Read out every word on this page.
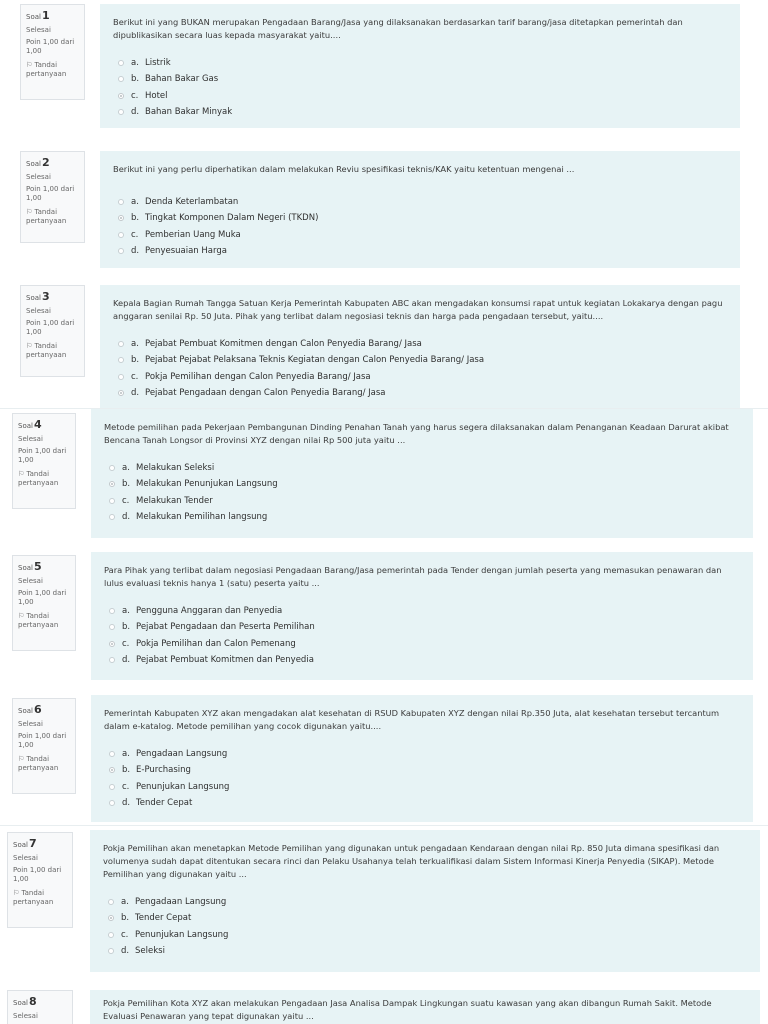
Soal1
Selesai
Poin 1,00 dari 1,00
⚐ Tandai pertanyaan

Berikut ini yang BUKAN merupakan Pengadaan Barang/Jasa yang dilaksanakan berdasarkan tarif barang/jasa ditetapkan pemerintah dan dipublikasikan secara luas kepada masyarakat yaitu....

a. Listrik
b. Bahan Bakar Gas
c. Hotel
d. Bahan Bakar Minyak
Soal2
Selesai
Poin 1,00 dari 1,00
⚐ Tandai pertanyaan

Berikut ini yang perlu diperhatikan dalam melakukan Reviu spesifikasi teknis/KAK yaitu ketentuan mengenai ...

a. Denda Keterlambatan
b. Tingkat Komponen Dalam Negeri (TKDN)
c. Pemberian Uang Muka
d. Penyesuaian Harga
Soal3
Selesai
Poin 1,00 dari 1,00
⚐ Tandai pertanyaan

Kepala Bagian Rumah Tangga Satuan Kerja Pemerintah Kabupaten ABC akan mengadakan konsumsi rapat untuk kegiatan Lokakarya dengan pagu anggaran senilai Rp. 50 Juta. Pihak yang terlibat dalam negosiasi teknis dan harga pada pengadaan tersebut, yaitu....

a. Pejabat Pembuat Komitmen dengan Calon Penyedia Barang/ Jasa
b. Pejabat Pejabat Pelaksana Teknis Kegiatan dengan Calon Penyedia Barang/ Jasa
c. Pokja Pemilihan dengan Calon Penyedia Barang/ Jasa
d. Pejabat Pengadaan dengan Calon Penyedia Barang/ Jasa
Soal4
Selesai
Poin 1,00 dari 1,00
⚐ Tandai pertanyaan

Metode pemilihan pada Pekerjaan Pembangunan Dinding Penahan Tanah yang harus segera dilaksanakan dalam Penanganan Keadaan Darurat akibat Bencana Tanah Longsor di Provinsi XYZ dengan nilai Rp 500 juta yaitu ...

a. Melakukan Seleksi
b. Melakukan Penunjukan Langsung
c. Melakukan Tender
d. Melakukan Pemilihan langsung
Soal5
Selesai
Poin 1,00 dari 1,00
⚐ Tandai pertanyaan

Para Pihak yang terlibat dalam negosiasi Pengadaan Barang/Jasa pemerintah pada Tender dengan jumlah peserta yang memasukan penawaran dan lulus evaluasi teknis hanya 1 (satu) peserta yaitu ...

a. Pengguna Anggaran dan Penyedia
b. Pejabat Pengadaan dan Peserta Pemilihan
c. Pokja Pemilihan dan Calon Pemenang
d. Pejabat Pembuat Komitmen dan Penyedia
Soal6
Selesai
Poin 1,00 dari 1,00
⚐ Tandai pertanyaan

Pemerintah Kabupaten XYZ akan mengadakan alat kesehatan di RSUD Kabupaten XYZ dengan nilai Rp.350 Juta, alat kesehatan tersebut tercantum dalam e-katalog. Metode pemilihan yang cocok digunakan yaitu....

a. Pengadaan Langsung
b. E-Purchasing
c. Penunjukan Langsung
d. Tender Cepat
Soal7
Selesai
Poin 1,00 dari 1,00
⚐ Tandai pertanyaan

Pokja Pemilihan akan menetapkan Metode Pemilihan yang digunakan untuk pengadaan Kendaraan dengan nilai Rp. 850 Juta dimana spesifikasi dan volumenya sudah dapat ditentukan secara rinci dan Pelaku Usahanya telah terkualifikasi dalam Sistem Informasi Kinerja Penyedia (SIKAP). Metode Pemilihan yang digunakan yaitu ...

a. Pengadaan Langsung
b. Tender Cepat
c. Penunjukan Langsung
d. Seleksi
Soal8
Selesai

Pokja Pemilihan Kota XYZ akan melakukan Pengadaan Jasa Analisa Dampak Lingkungan suatu kawasan yang akan dibangun Rumah Sakit. Metode Evaluasi Penawaran yang tepat digunakan yaitu ...
